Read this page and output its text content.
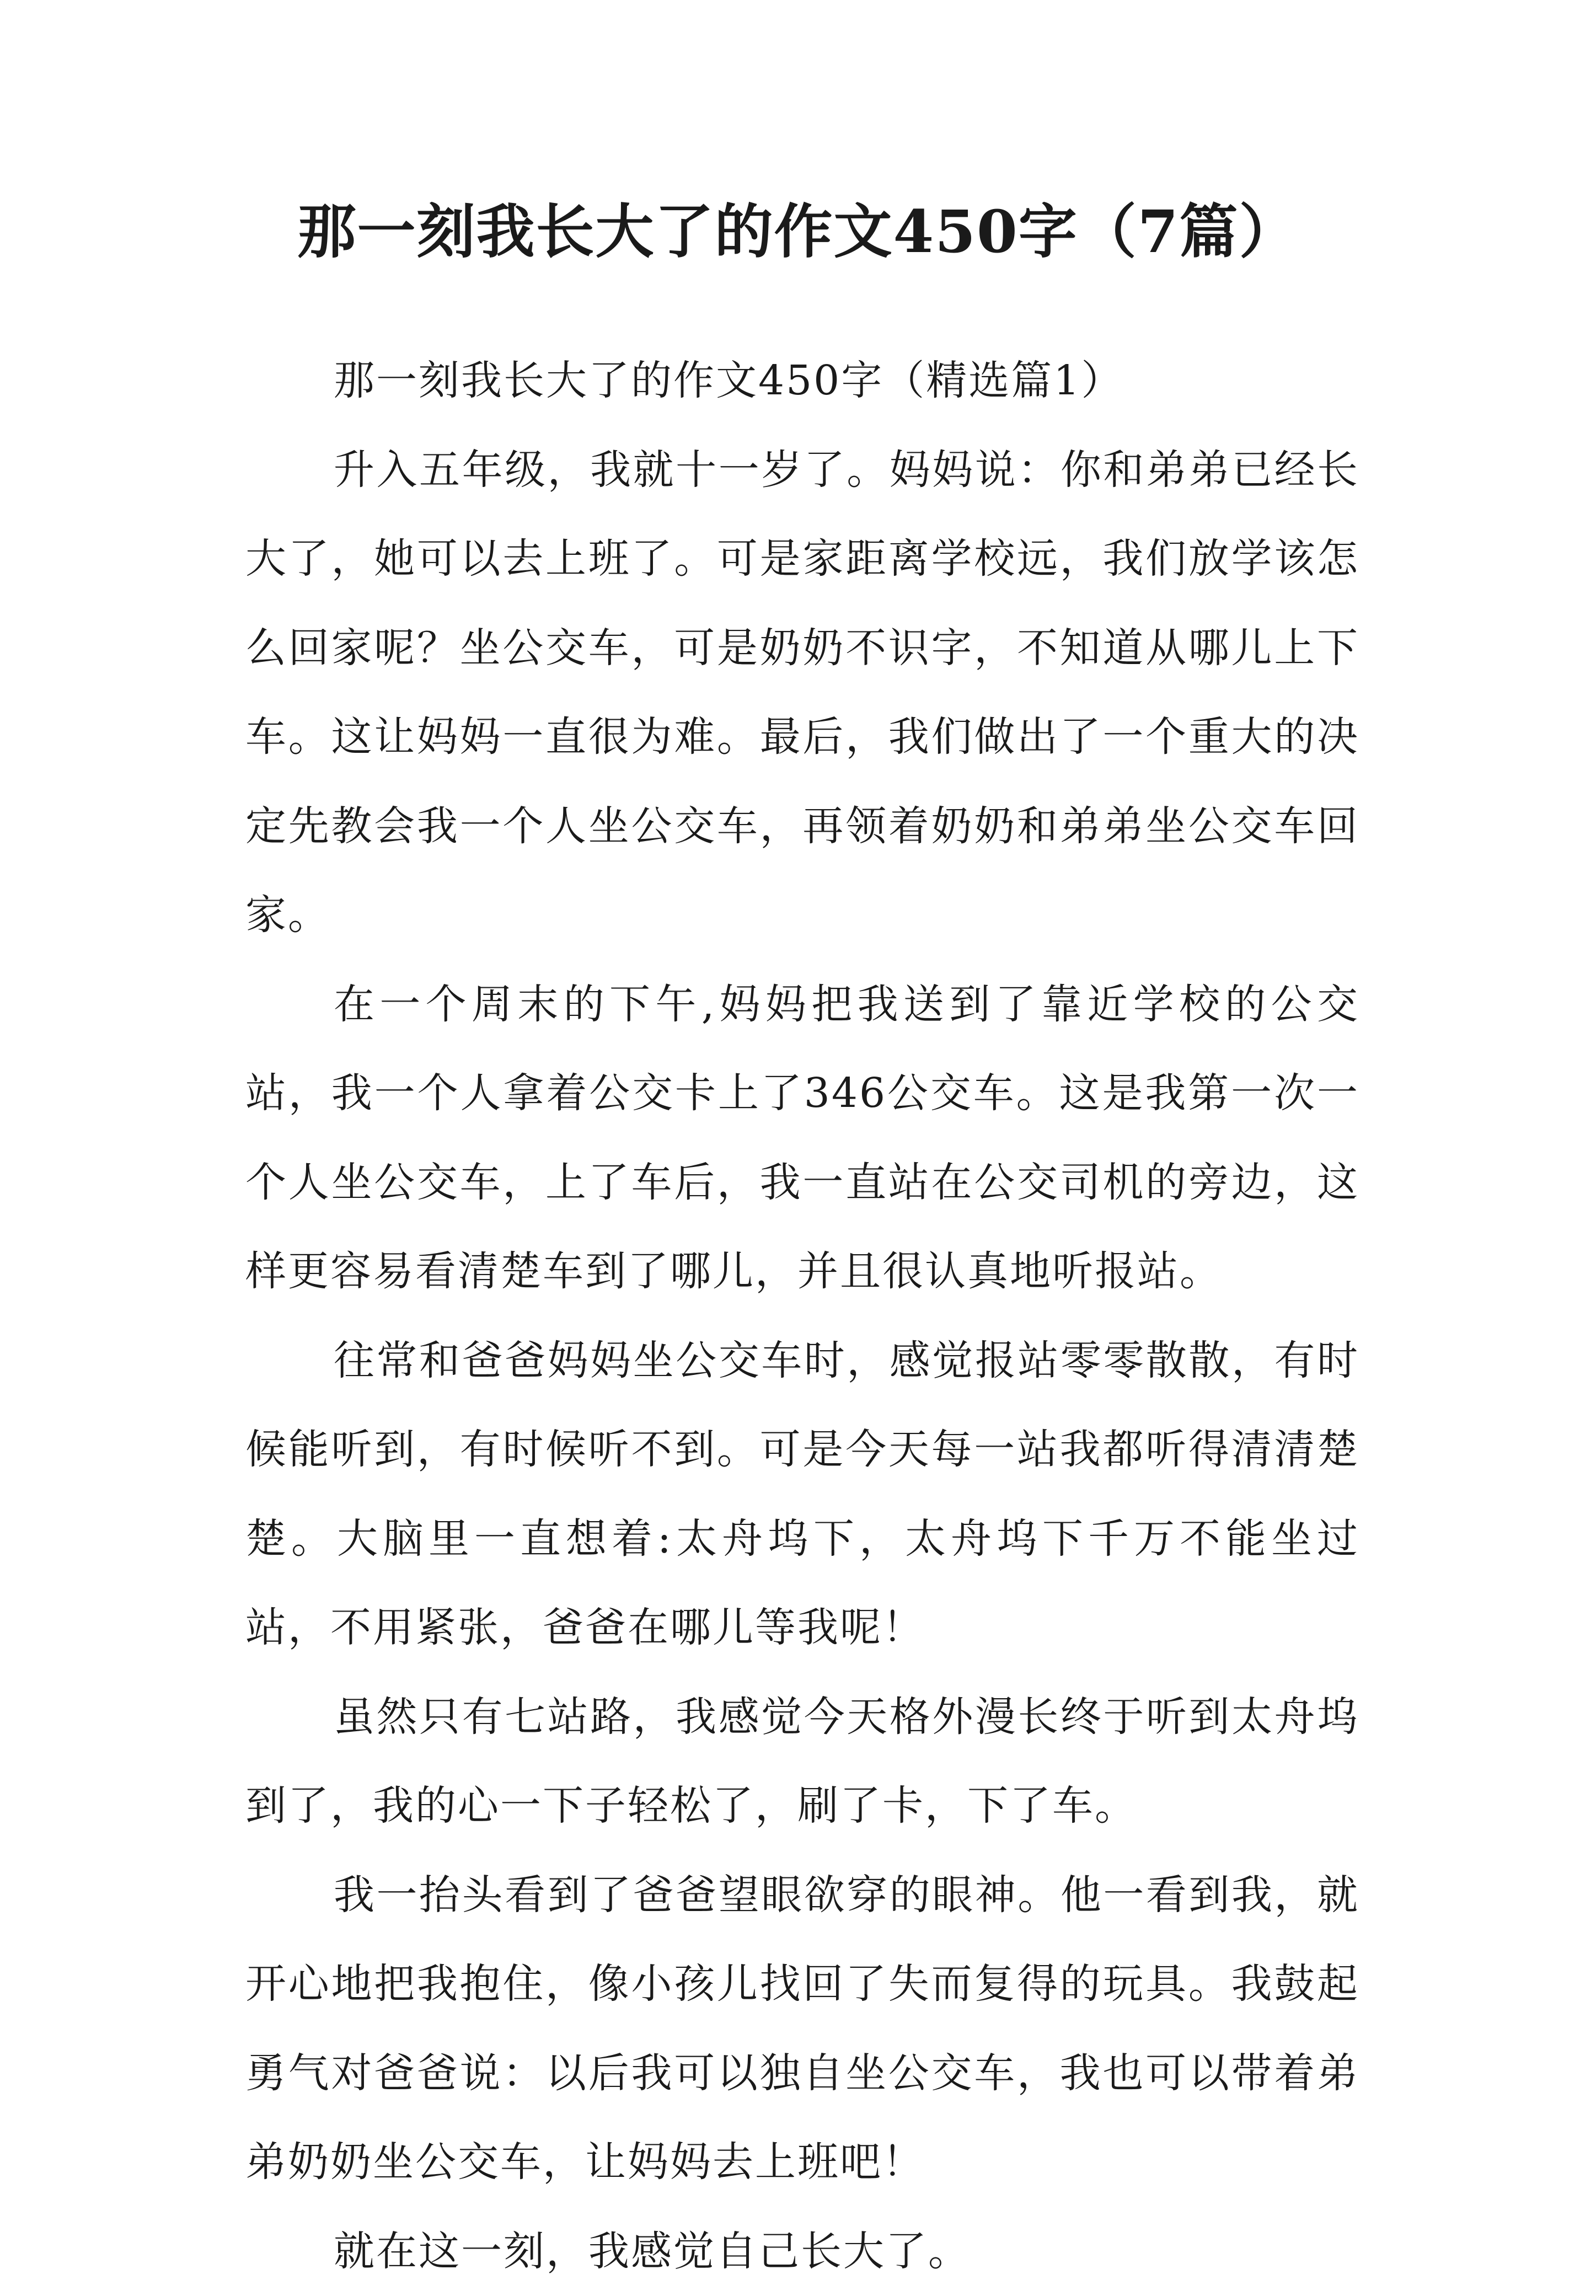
那一刻我长大了的作文450字（7篇）

那一刻我长大了的作文450字（精选篇1）

升入五年级，我就十一岁了。妈妈说：你和弟弟已经长大了，她可以去上班了。可是家距离学校远，我们放学该怎么回家呢？坐公交车，可是奶奶不识字，不知道从哪儿上下车。这让妈妈一直很为难。最后，我们做出了一个重大的决定先教会我一个人坐公交车，再领着奶奶和弟弟坐公交车回家。

在一个周末的下午,妈妈把我送到了靠近学校的公交站，我一个人拿着公交卡上了346公交车。这是我第一次一个人坐公交车，上了车后，我一直站在公交司机的旁边，这样更容易看清楚车到了哪儿，并且很认真地听报站。

往常和爸爸妈妈坐公交车时，感觉报站零零散散，有时候能听到，有时候听不到。可是今天每一站我都听得清清楚楚。大脑里一直想着:太舟坞下，太舟坞下千万不能坐过站，不用紧张，爸爸在哪儿等我呢！

虽然只有七站路，我感觉今天格外漫长终于听到太舟坞到了，我的心一下子轻松了，刷了卡，下了车。

我一抬头看到了爸爸望眼欲穿的眼神。他一看到我，就开心地把我抱住，像小孩儿找回了失而复得的玩具。我鼓起勇气对爸爸说：以后我可以独自坐公交车，我也可以带着弟弟奶奶坐公交车，让妈妈去上班吧！

就在这一刻，我感觉自己长大了。
